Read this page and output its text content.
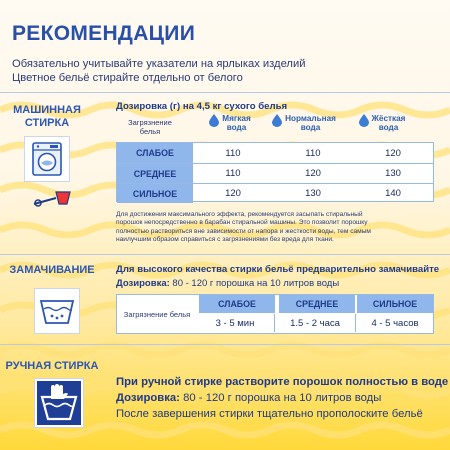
РЕКОМЕНДАЦИИ
Обязательно учитывайте указатели на ярлыках изделий
Цветное бельё стирайте отдельно от белого
МАШИННАЯ
СТИРКА
Дозировка (г) на 4,5 кг сухого белья
Загрязнение белья
Мягкая
вода
Нормальная
вода
Жёсткая
вода
СЛАБОЕ	110	110	120
СРЕДНЕЕ	110	120	130
СИЛЬНОЕ	120	130	140
Для достижения максимального эффекта, рекомендуется засыпать стиральный
порошок непосредственно в барабан стиральной машины. Это позволит порошку
полностью раствориться вне зависимости от напора и жесткости воды, тем самым
наилучшим образом справиться с загрязнениями без вреда для ткани.
ЗАМАЧИВАНИЕ	Для высокого качества стирки бельё предварительно замачивайте
Дозировка: 80 - 120 г порошка на 10 литров воды
Загрязнение белья
СЛАБОЕ	СРЕДНЕЕ	СИЛЬНОЕ
3 - 5 мин	1.5 - 2 часа	4 - 5 часов
РУЧНАЯ СТИРКА
При ручной стирке растворите порошок полностью в воде
Дозировка: 80 - 120 г порошка на 10 литров воды
После завершения стирки тщательно прополоските бельё
